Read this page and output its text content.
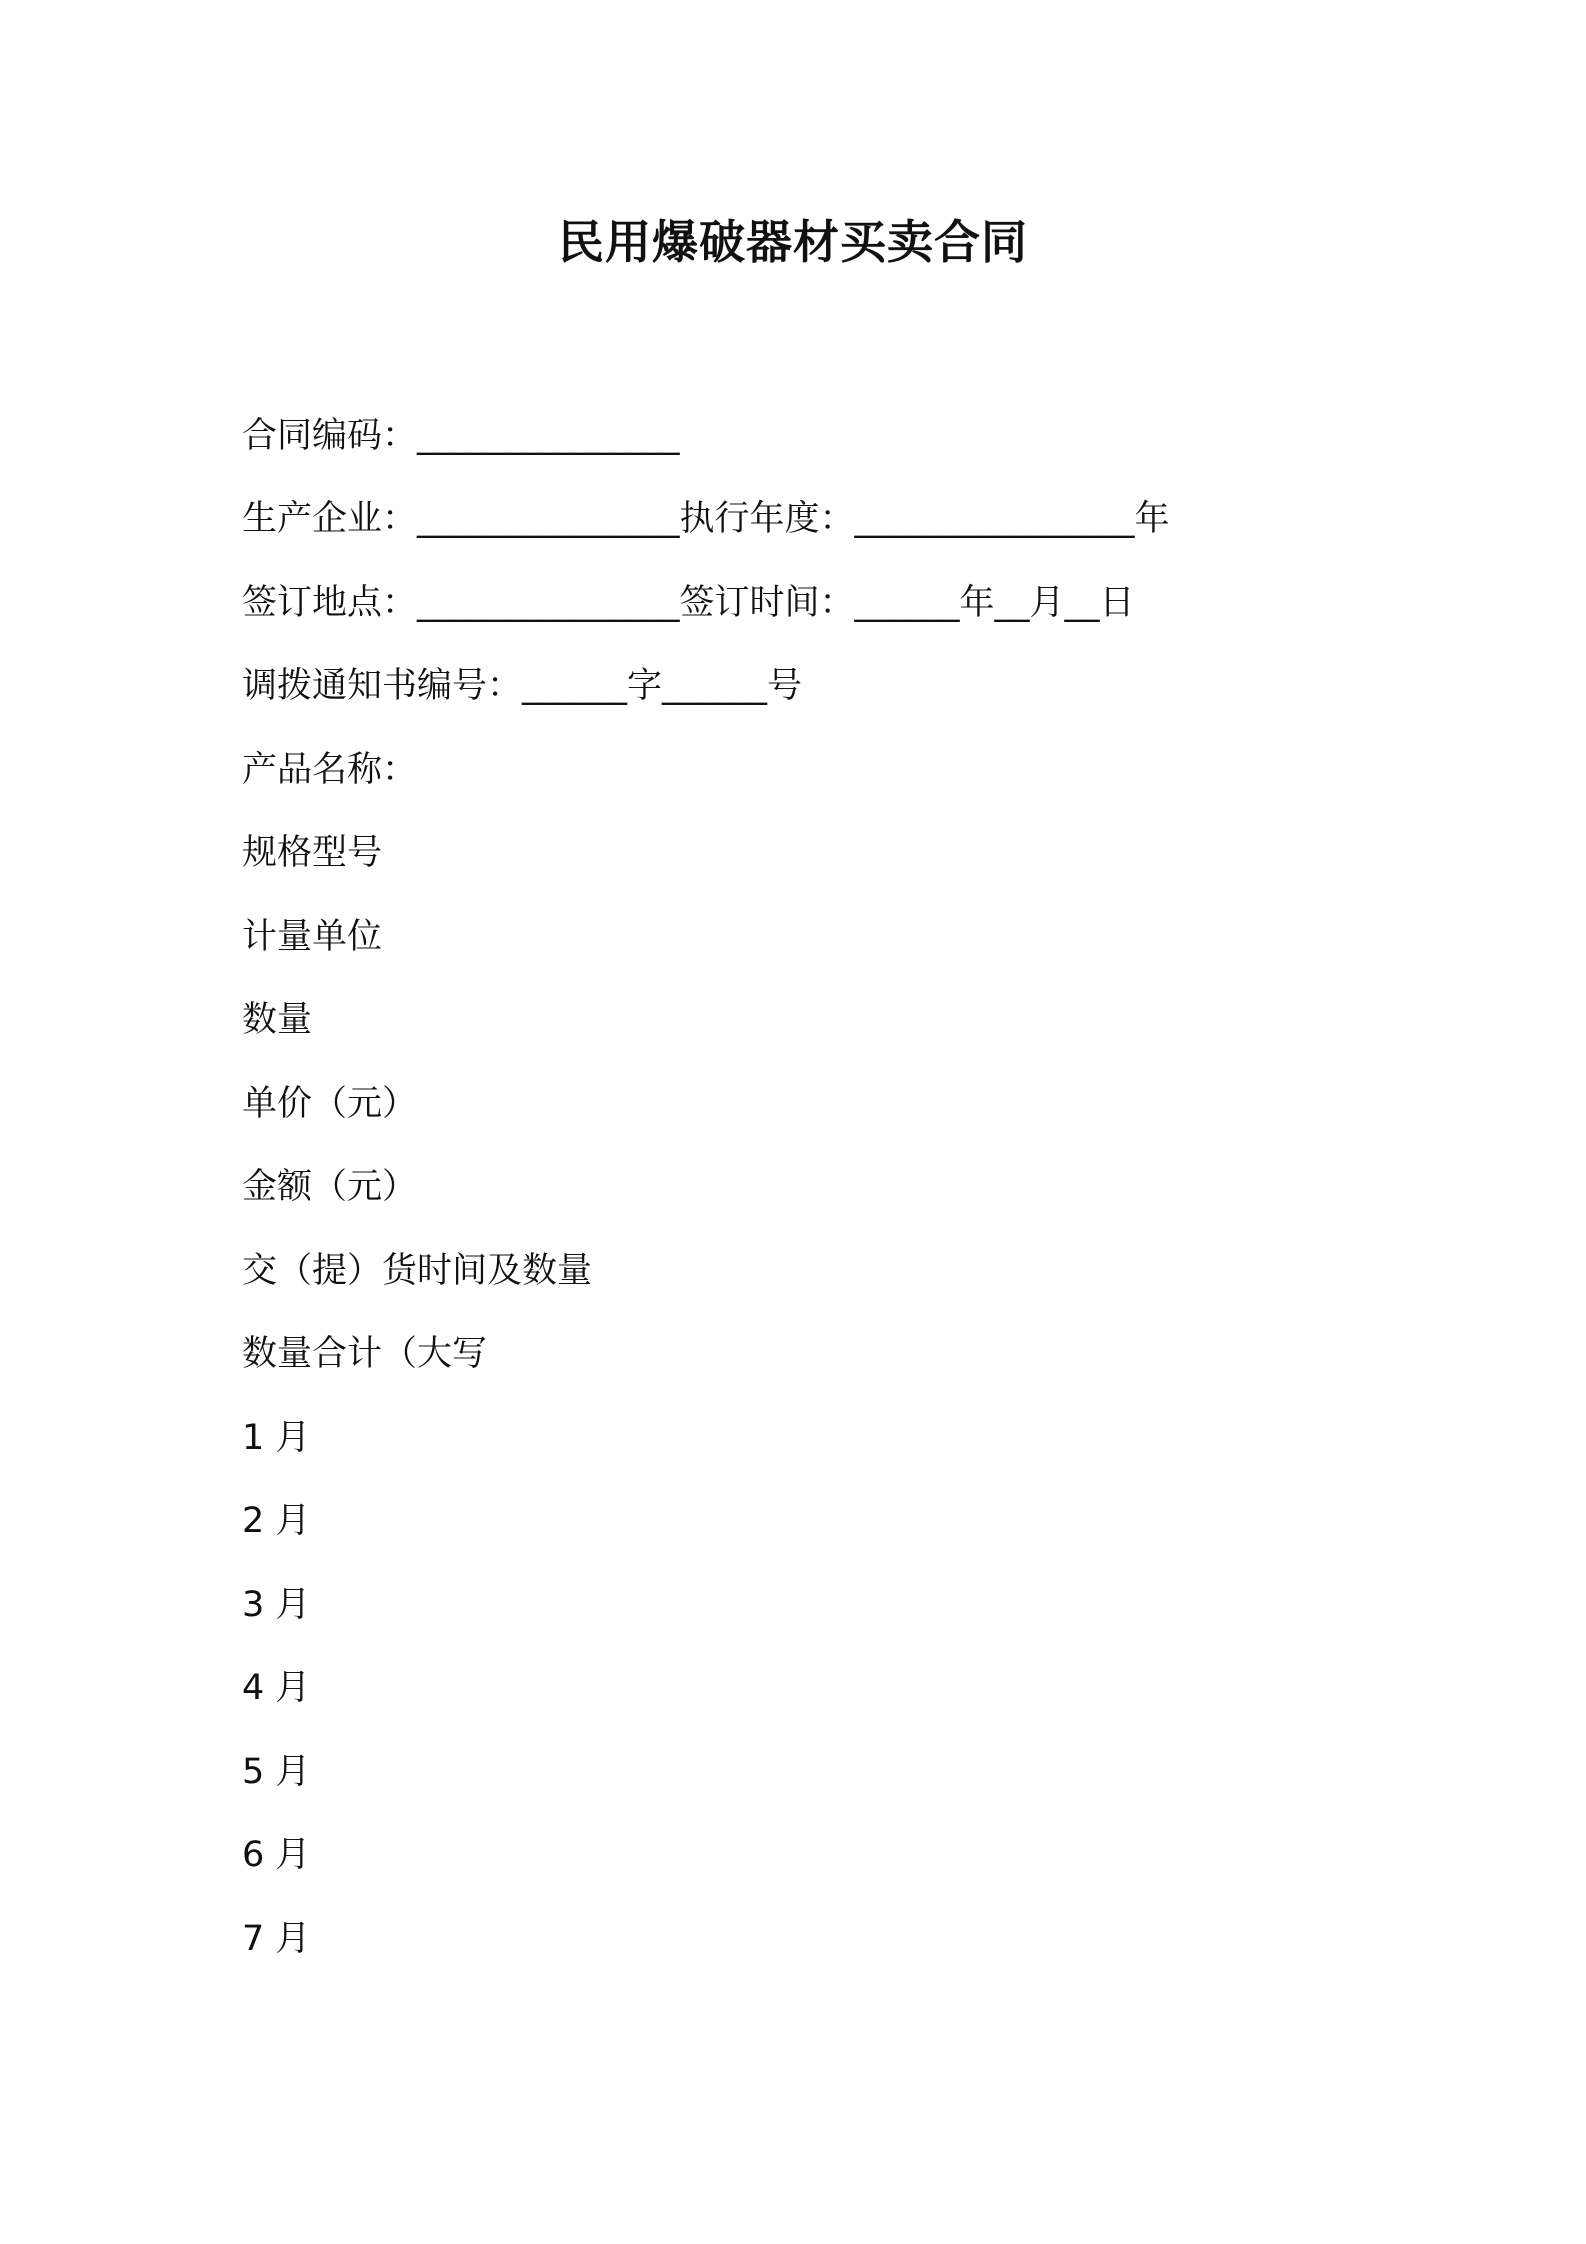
民用爆破器材买卖合同
合同编码：_______________
生产企业：_______________执行年度：________________年
签订地点：_______________签订时间：______年__月__日
调拨通知书编号：______字______号
产品名称：
规格型号
计量单位
数量
单价（元）
金额（元）
交（提）货时间及数量
数量合计（大写
1 月
2 月
3 月
4 月
5 月
6 月
7 月
